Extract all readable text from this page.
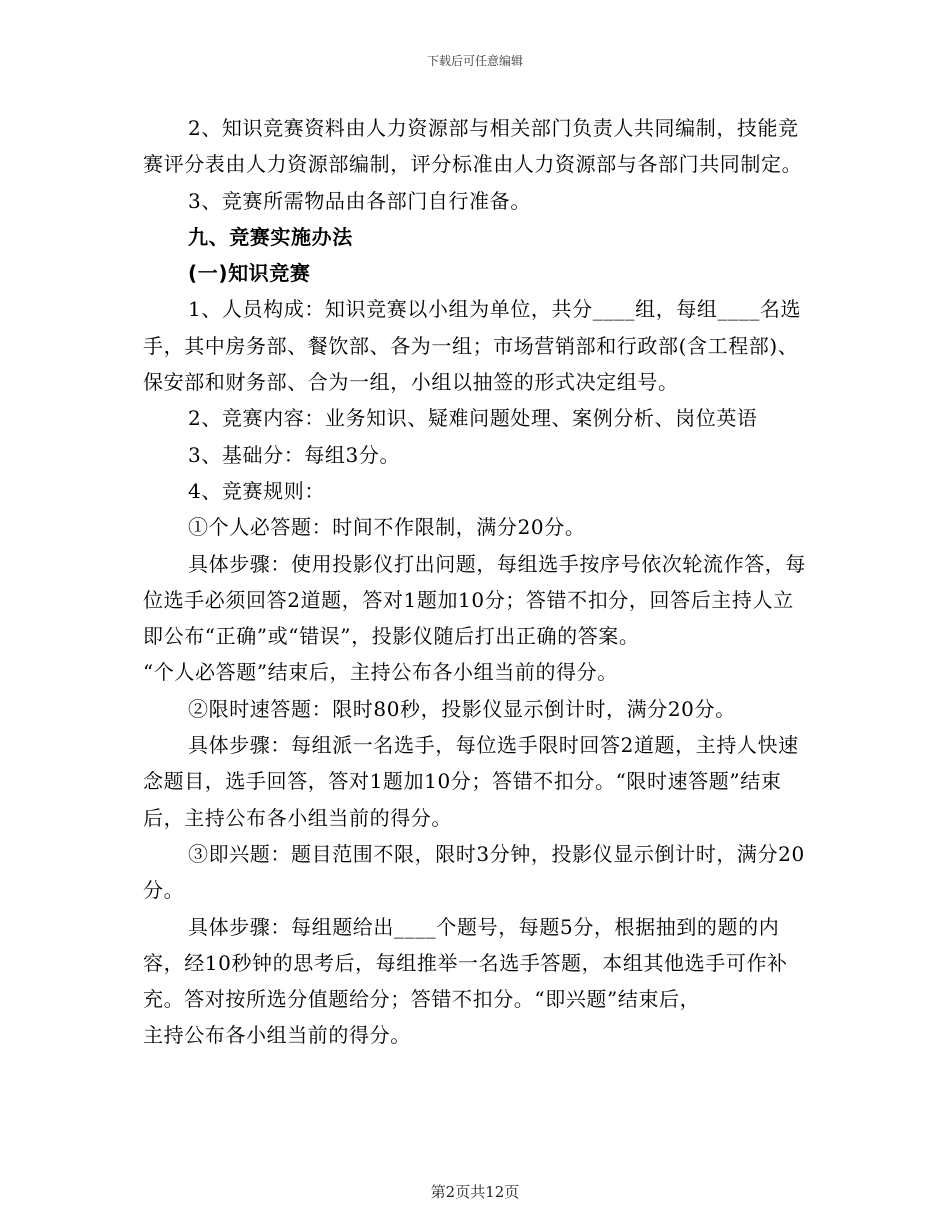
下载后可任意编辑

2、知识竞赛资料由人力资源部与相关部门负责人共同编制，技能竞赛评分表由人力资源部编制，评分标准由人力资源部与各部门共同制定。

3、竞赛所需物品由各部门自行准备。

九、竞赛实施办法

(一)知识竞赛

1、人员构成：知识竞赛以小组为单位，共分____组，每组____名选手，其中房务部、餐饮部、各为一组；市场营销部和行政部(含工程部)、保安部和财务部、合为一组，小组以抽签的形式决定组号。

2、竞赛内容：业务知识、疑难问题处理、案例分析、岗位英语

3、基础分：每组3分。

4、竞赛规则：

①个人必答题：时间不作限制，满分20分。

具体步骤：使用投影仪打出问题，每组选手按序号依次轮流作答，每位选手必须回答2道题，答对1题加10分；答错不扣分，回答后主持人立即公布“正确”或“错误”，投影仪随后打出正确的答案。

“个人必答题”结束后，主持公布各小组当前的得分。

②限时速答题：限时80秒，投影仪显示倒计时，满分20分。

具体步骤：每组派一名选手，每位选手限时回答2道题，主持人快速念题目，选手回答，答对1题加10分；答错不扣分。“限时速答题”结束后，主持公布各小组当前的得分。

③即兴题：题目范围不限，限时3分钟，投影仪显示倒计时，满分20分。

具体步骤：每组题给出____个题号，每题5分，根据抽到的题的内容，经10秒钟的思考后，每组推举一名选手答题，本组其他选手可作补充。答对按所选分值题给分；答错不扣分。“即兴题”结束后，

主持公布各小组当前的得分。

第2页共12页
